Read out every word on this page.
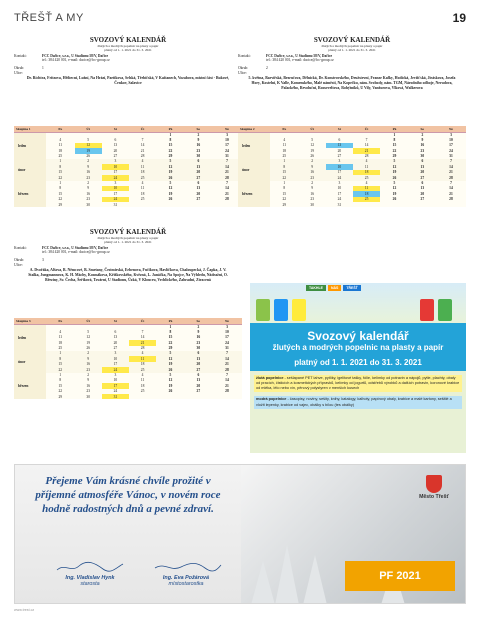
TŘEŠŤ A MY	19
SVOZOVÝ KALENDÁŘ
žlutých a modrých popelnic na plasty a papír
platný od 1. 1. 2021 do 31. 3. 2021
Kontakt:	FCC Dačice, s.r.o., U Stadionu 58/V, Dačice
tel.: 384 420 001, e-mail: dacice@fcc-group.cz
Okruh:	1
Ulice:
Dr. Richtra, Fritzova, Hříbecní, Lužní, Na Hrází, Partikova, Selská, Třebíčská, V Kaštanech, Vozabova, místní část - Bukové, Čenkov, Salavice
Skupina 1	Po	Út	St	Čt	Pá	So	Ne
leden					1	2	3
	4	5	6	7	8	9	10
	11	12	13	14	15	16	17
	18	19	20	21	22	23	24
	25	26	27	28	29	30	31
únor	1	2	3	4	5	6	7
	8	9	10	11	12	13	14
	15	16	17	18	19	20	21
	22	23	24	25	26	27	28
březen	1	2	3	4	5	6	7
	8	9	10	11	12	13	14
	15	16	17	18	19	20	21
	22	23	24	25	26	27	28
	29	30	31				
SVOZOVÝ KALENDÁŘ
žlutých a modrých popelnic na plasty a papír
platný od 1. 1. 2021 do 31. 3. 2021
Kontakt:	FCC Dačice, s.r.o., U Stadionu 58/V, Dačice
tel.: 384 420 001, e-mail: dacice@fcc-group.cz
Okruh:	2
Ulice:
5. května, Barvířská, Bezručova, Dělnická, Dr. Konstrovského, Družstevní, Franze Kafky, Hodická, Jevišťská, Jiráskova, Josefa Hory, Kostelní, K Valle, Komenského, Malé náměstí, Na Kopečku, nám. Svobody, nám. TGM, Národního odboje, Nerudova, Palackého, Revoluční, Rooseveltova, Rohýtníků, U Vily, Vanžurova, Vlková, Walkerova
Skupina 2	Po	Út	St	Čt	Pá	So	Ne
leden					1	2	3
	4	5	6	7	8	9	10
	11	12	13	14	15	16	17
	18	19	20	21	22	23	24
	25	26	27	28	29	30	31
únor	1	2	3	4	5	6	7
	8	9	10	11	12	13	14
	15	16	17	18	19	20	21
	22	23	24	25	26	27	28
březen	1	2	3	4	5	6	7
	8	9	10	11	12	13	14
	15	16	17	18	19	20	21
	22	23	24	25	26	27	28
	29	30	31				
SVOZOVÝ KALENDÁŘ
žlutých a modrých popelnic na plasty a papír
platný od 1. 1. 2021 do 31. 3. 2021
Kontakt:	FCC Dačice, s.r.o., U Stadionu 58/V, Dačice
tel.: 384 420 001, e-mail: dacice@fcc-group.cz
Okruh:	3
Ulice:
A. Dvořáka, Alšova, B. Němcové, B. Smetany, Čestmírská, Erbenova, Fučíkova, Havlíčkova, Chaloupecká, J. Čapka, J. V. Stalka, Jungmannova, K. H. Máchy, Kosmákova, Křižkovského, Kvězná, L. Janáčka, Na Spojce, Na Výhledu, Nádražní, O. Březiny, Sv. Čecha, Šeříková, Tovární, U Stadionu, Úzká, V Kloucru, Vrchlického, Zahradní, Ztracená
Skupina 3	Po	Út	St	Čt	Pá	So	Ne
leden					1	2	3
	4	5	6	7	8	9	10
	11	12	13	14	15	16	17
	18	19	20	21	22	23	24
	25	26	27	28	29	30	31
únor	1	2	3	4	5	6	7
	8	9	10	11	12	13	14
	15	16	17	18	19	20	21
	22	23	24	25	26	27	28
březen	1	2	3	4	5	6	7
	8	9	10	11	12	13	14
	15	16	17	18	19	20	21
	22	23	24	25	26	27	28
	29	30	31				
TAKHLE	NÁS	TŘEŠŤ
Svozový kalendář
žlutých a modrých popelnic na plasty a papír
platný od 1. 1. 2021 do 31. 3. 2021
žlutá popelnice - sešlapané PET lahve, pytlíky, igelitové tašky, fólie, kelímky od potravin a nápojů, pytle, plachty, obaly od pracích, čisticích a kosmetických přípravků, kelímky od jogurtů, odstřebů výrobků a dalších potravin, koronové krabice od mléka, lélo nebo vín, pěnový polystyren v menších kusech
modrá popelnice - časopisy, noviny, sešity, knihy, katalogy, kalhoty, papírový obaly, krabice a malé kartony, sešitlé a vložit lepenky, krabice od vajec, obálky s bílou (tes obálky)
Přejeme Vám krásné chvíle prožité v příjemné atmosféře Vánoc, v novém roce hodně radostných dnů a pevné zdraví.
Ing. Vladislav Hynk
starosta
Ing. Eva Požárová
místostarostka
Město Třešť
PF 2021
www.trest.cz
